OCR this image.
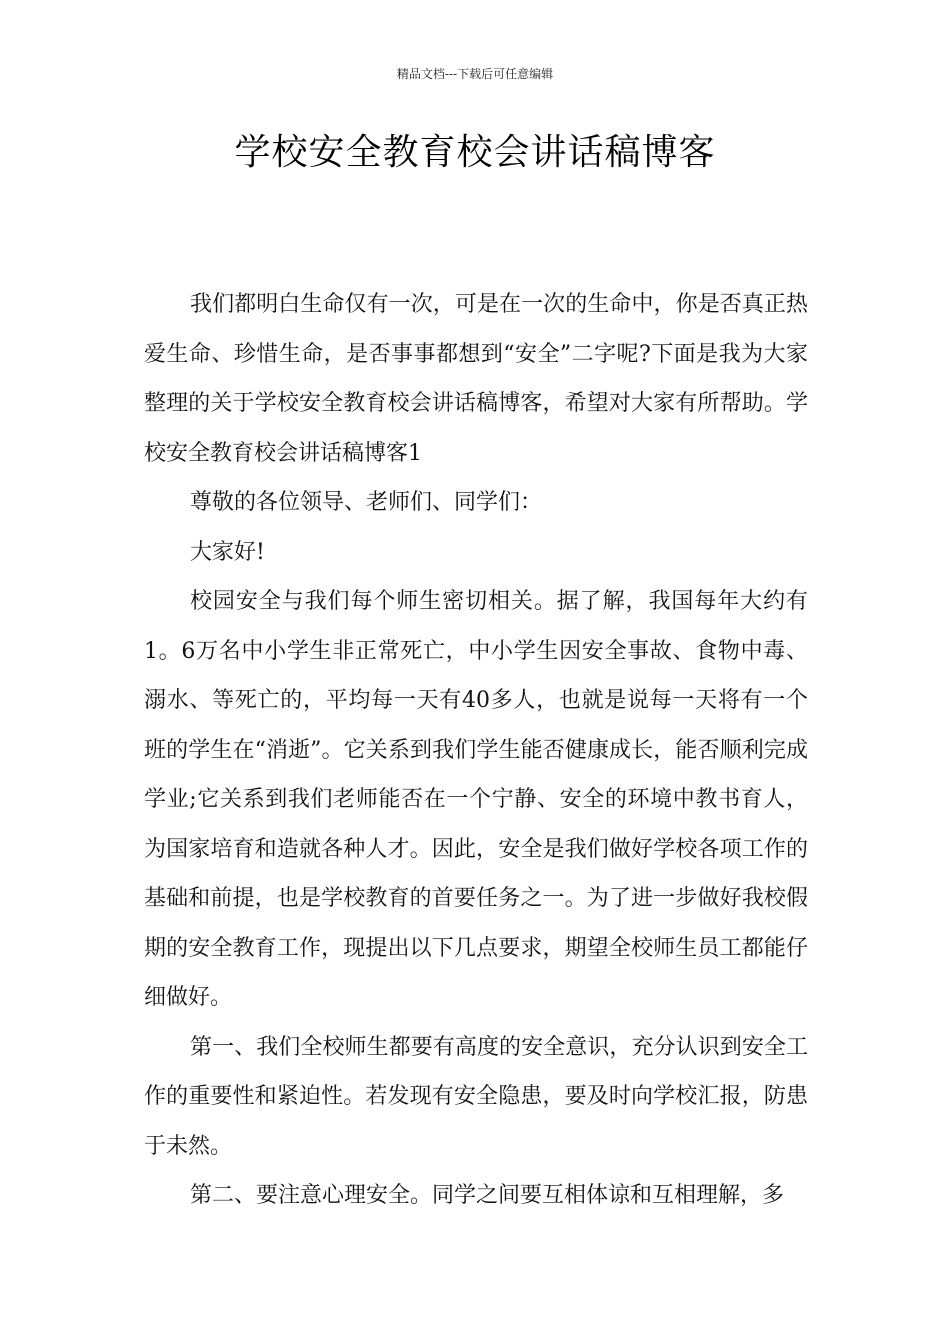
精品文档---下载后可任意编辑
学校安全教育校会讲话稿博客

我们都明白生命仅有一次，可是在一次的生命中，你是否真正热爱生命、珍惜生命，是否事事都想到“安全”二字呢?下面是我为大家整理的关于学校安全教育校会讲话稿博客，希望对大家有所帮助。学校安全教育校会讲话稿博客1

尊敬的各位领导、老师们、同学们：

大家好!

校园安全与我们每个师生密切相关。据了解，我国每年大约有1。6万名中小学生非正常死亡，中小学生因安全事故、食物中毒、溺水、等死亡的，平均每一天有40多人，也就是说每一天将有一个班的学生在“消逝”。它关系到我们学生能否健康成长，能否顺利完成学业;它关系到我们老师能否在一个宁静、安全的环境中教书育人，为国家培育和造就各种人才。因此，安全是我们做好学校各项工作的基础和前提，也是学校教育的首要任务之一。为了进一步做好我校假期的安全教育工作，现提出以下几点要求，期望全校师生员工都能仔细做好。

第一、我们全校师生都要有高度的安全意识，充分认识到安全工作的重要性和紧迫性。若发现有安全隐患，要及时向学校汇报，防患于未然。

第二、要注意心理安全。同学之间要互相体谅和互相理解，多
